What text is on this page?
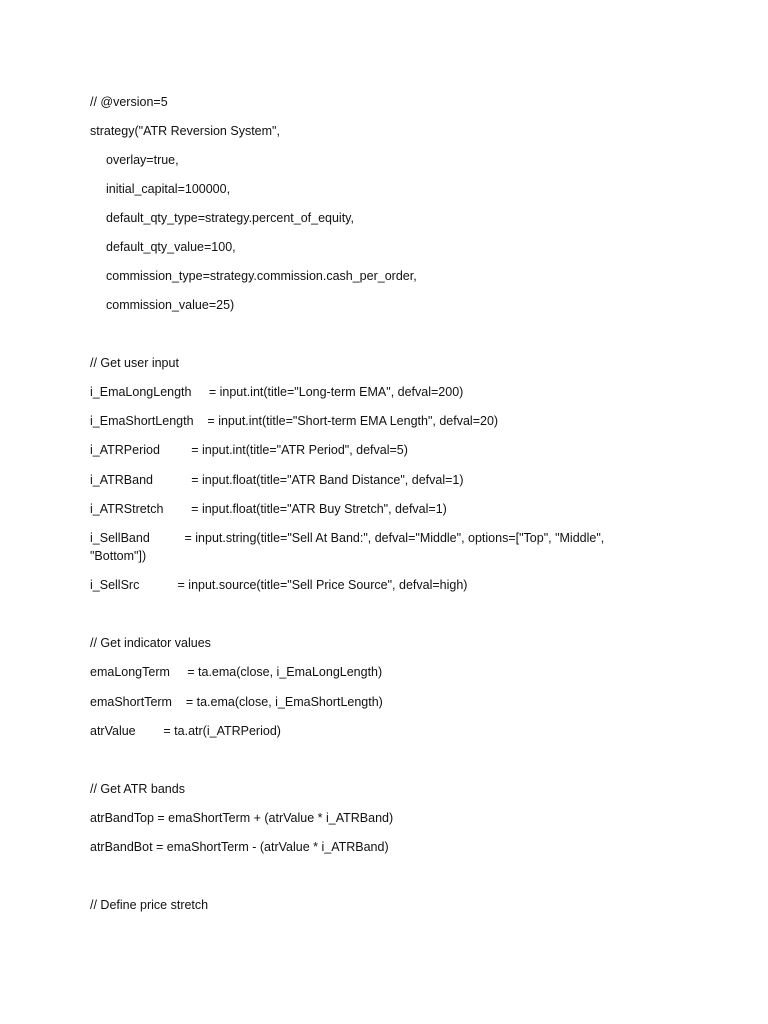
// @version=5
strategy("ATR Reversion System",
overlay=true,
initial_capital=100000,
default_qty_type=strategy.percent_of_equity,
default_qty_value=100,
commission_type=strategy.commission.cash_per_order,
commission_value=25)
// Get user input
i_EmaLongLength     = input.int(title="Long-term EMA", defval=200)
i_EmaShortLength    = input.int(title="Short-term EMA Length", defval=20)
i_ATRPeriod         = input.int(title="ATR Period", defval=5)
i_ATRBand           = input.float(title="ATR Band Distance", defval=1)
i_ATRStretch        = input.float(title="ATR Buy Stretch", defval=1)
i_SellBand          = input.string(title="Sell At Band:", defval="Middle", options=["Top", "Middle",
"Bottom"])
i_SellSrc           = input.source(title="Sell Price Source", defval=high)
// Get indicator values
emaLongTerm     = ta.ema(close, i_EmaLongLength)
emaShortTerm    = ta.ema(close, i_EmaShortLength)
atrValue        = ta.atr(i_ATRPeriod)
// Get ATR bands
atrBandTop = emaShortTerm + (atrValue * i_ATRBand)
atrBandBot = emaShortTerm - (atrValue * i_ATRBand)
// Define price stretch
